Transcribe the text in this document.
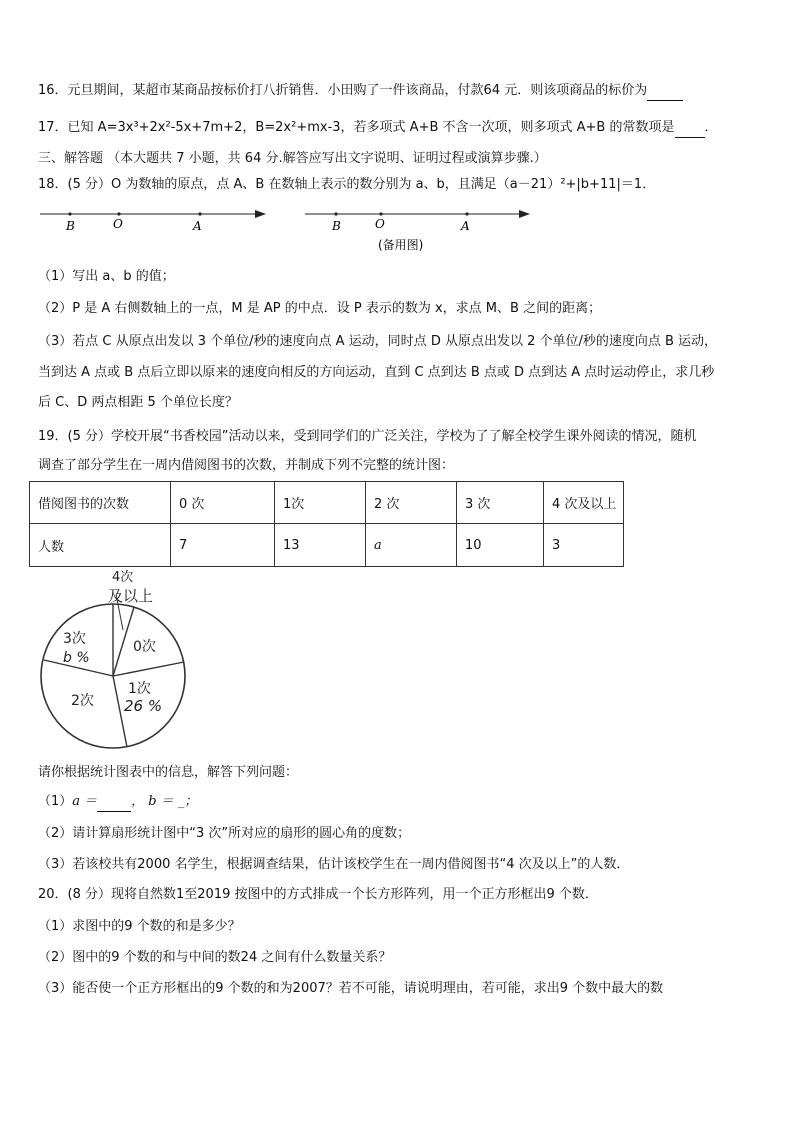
16．元旦期间，某超市某商品按标价打八折销售．小田购了一件该商品，付款64 元．则该项商品的标价为
17．已知 A=3x³+2x²-5x+7m+2，B=2x²+mx-3，若多项式 A+B 不含一次项，则多项式 A+B 的常数项是 ．
三、解答题 （本大题共 7 小题，共 64 分.解答应写出文字说明、证明过程或演算步骤.）
18．(5 分）O 为数轴的原点，点 A、B 在数轴上表示的数分别为 a、b，且满足（a－21）²+|b+11|＝1．
B	O	A	B	O	A
(备用图)
（1）写出 a、b 的值；
（2）P 是 A 右侧数轴上的一点，M 是 AP 的中点．设 P 表示的数为 x，求点 M、B 之间的距离；
（3）若点 C 从原点出发以 3 个单位/秒的速度向点 A 运动，同时点 D 从原点出发以 2 个单位/秒的速度向点 B 运动，
当到达 A 点或 B 点后立即以原来的速度向相反的方向运动，直到 C 点到达 B 点或 D 点到达 A 点时运动停止，求几秒
后 C、D 两点相距 5 个单位长度？
19．(5 分）学校开展“书香校园”活动以来，受到同学们的广泛关注，学校为了了解全校学生课外阅读的情况，随机
调查了部分学生在一周内借阅图书的次数，并制成下列不完整的统计图：
借阅图书的次数	0 次	1次	2 次	3 次	4 次及以上
人数	7	13	a	10	3
4次
及以上
0次
1次
26 %
2次
3次
b %
请你根据统计图表中的信息，解答下列问题：
（1）a ＝	， b ＝ _；
（2）请计算扇形统计图中“3 次”所对应的扇形的圆心角的度数；
（3）若该校共有2000 名学生，根据调查结果，估计该校学生在一周内借阅图书“4 次及以上”的人数．
20．(8 分）现将自然数1至2019 按图中的方式排成一个长方形阵列，用一个正方形框出9 个数．
（1）求图中的9 个数的和是多少？
（2）图中的9 个数的和与中间的数24 之间有什么数量关系？
（3）能否使一个正方形框出的9 个数的和为2007？若不可能，请说明理由，若可能，求出9 个数中最大的数
